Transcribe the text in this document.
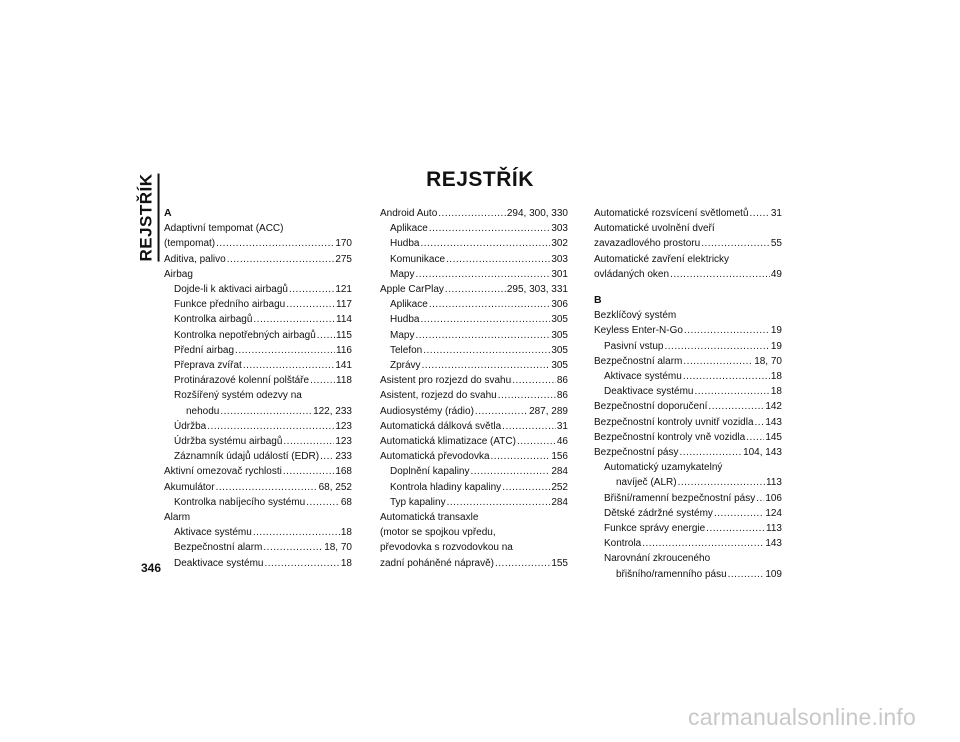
REJSTŘÍK	REJSTŘÍK
A
Adaptivní tempomat (ACC)
(tempomat) .....	170
Aditiva, palivo .....	275
Airbag
Dojde-li k aktivaci airbagů .....	121
Funkce předního airbagu .....	117
Kontrolka airbagů .....	114
Kontrolka nepotřebných airbagů ..... 115
Přední airbag .....	116
Přeprava zvířat .....	141
Protinárazové kolenní polštáře .....	118
Rozšířený systém odezvy na
nehodu .....	122, 233
Údržba .....	123
Údržba systému airbagů .....	123
Záznamník údajů událostí (EDR) ..... 233
Aktivní omezovač rychlosti .....	168
Akumulátor .....	68, 252
Kontrolka nabíjecího systému .....	68
Alarm
Aktivace systému .....	18
Bezpečnostní alarm .....	18, 70
Deaktivace systému .....	18
Android Auto .....	294, 300, 330
Aplikace .....	303
Hudba .....	302
Komunikace .....	303
Mapy .....	301
Apple CarPlay .....	295, 303, 331
Aplikace .....	306
Hudba .....	305
Mapy .....	305
Telefon .....	305
Zprávy .....	305
Asistent pro rozjezd do svahu .....	86
Asistent, rozjezd do svahu .....	86
Audiosystémy (rádio) .....	287, 289
Automatická dálková světla .....	31
Automatická klimatizace (ATC) .....	46
Automatická převodovka .....	156
Doplnění kapaliny .....	284
Kontrola hladiny kapaliny .....	252
Typ kapaliny .....	284
Automatická transaxle
(motor se spojkou vpředu,
převodovka s rozvodovkou na
zadní poháněné nápravě) .....	155
Automatické rozsvícení světlometů ..... 31
Automatické uvolnění dveří
zavazadlového prostoru .....	55
Automatické zavření elektricky
ovládaných oken .....	49
B
Bezklíčový systém
Keyless Enter-N-Go .....	19
Pasivní vstup .....	19
Bezpečnostní alarm .....	18, 70
Aktivace systému .....	18
Deaktivace systému .....	18
Bezpečnostní doporučení .....	142
Bezpečnostní kontroly uvnitř vozidla ..... 143
Bezpečnostní kontroly vně vozidla ..... 145
Bezpečnostní pásy .....	104, 143
Automatický uzamykatelný
navíječ (ALR) .....	113
Břišní/ramenní bezpečnostní pásy ..... 106
Dětské zádržné systémy .....	124
Funkce správy energie .....	113
Kontrola .....	143
Narovnání zkrouceného
břišního/ramenního pásu .....	109

346

carmanualsonline.info
